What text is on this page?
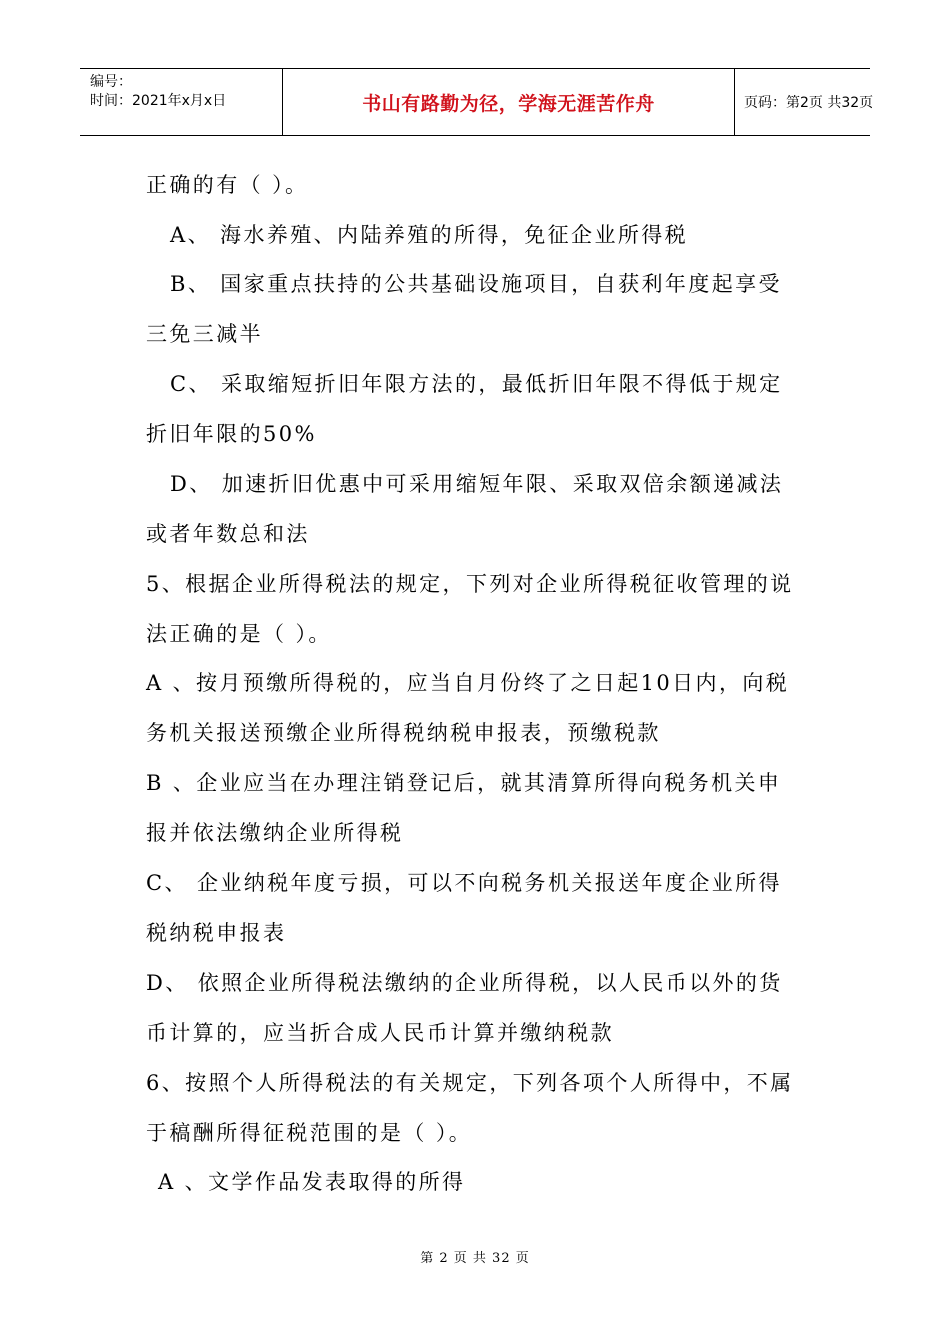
编号：
时间：2021年x月x日	书山有路勤为径，学海无涯苦作舟	页码：第2页 共32页
正确的有（ ）。
A、 海水养殖、内陆养殖的所得，免征企业所得税
B、 国家重点扶持的公共基础设施项目，自获利年度起享受
三免三减半
C、 采取缩短折旧年限方法的，最低折旧年限不得低于规定
折旧年限的50%
D、 加速折旧优惠中可采用缩短年限、采取双倍余额递减法
或者年数总和法
5、根据企业所得税法的规定，下列对企业所得税征收管理的说
法正确的是（ ）。
A 、按月预缴所得税的，应当自月份终了之日起10日内，向税
务机关报送预缴企业所得税纳税申报表，预缴税款
B 、企业应当在办理注销登记后，就其清算所得向税务机关申
报并依法缴纳企业所得税
C、 企业纳税年度亏损，可以不向税务机关报送年度企业所得
税纳税申报表
D、 依照企业所得税法缴纳的企业所得税，以人民币以外的货
币计算的，应当折合成人民币计算并缴纳税款
6、按照个人所得税法的有关规定，下列各项个人所得中，不属
于稿酬所得征税范围的是（ ）。
A 、文学作品发表取得的所得
第 2 页 共 32 页
